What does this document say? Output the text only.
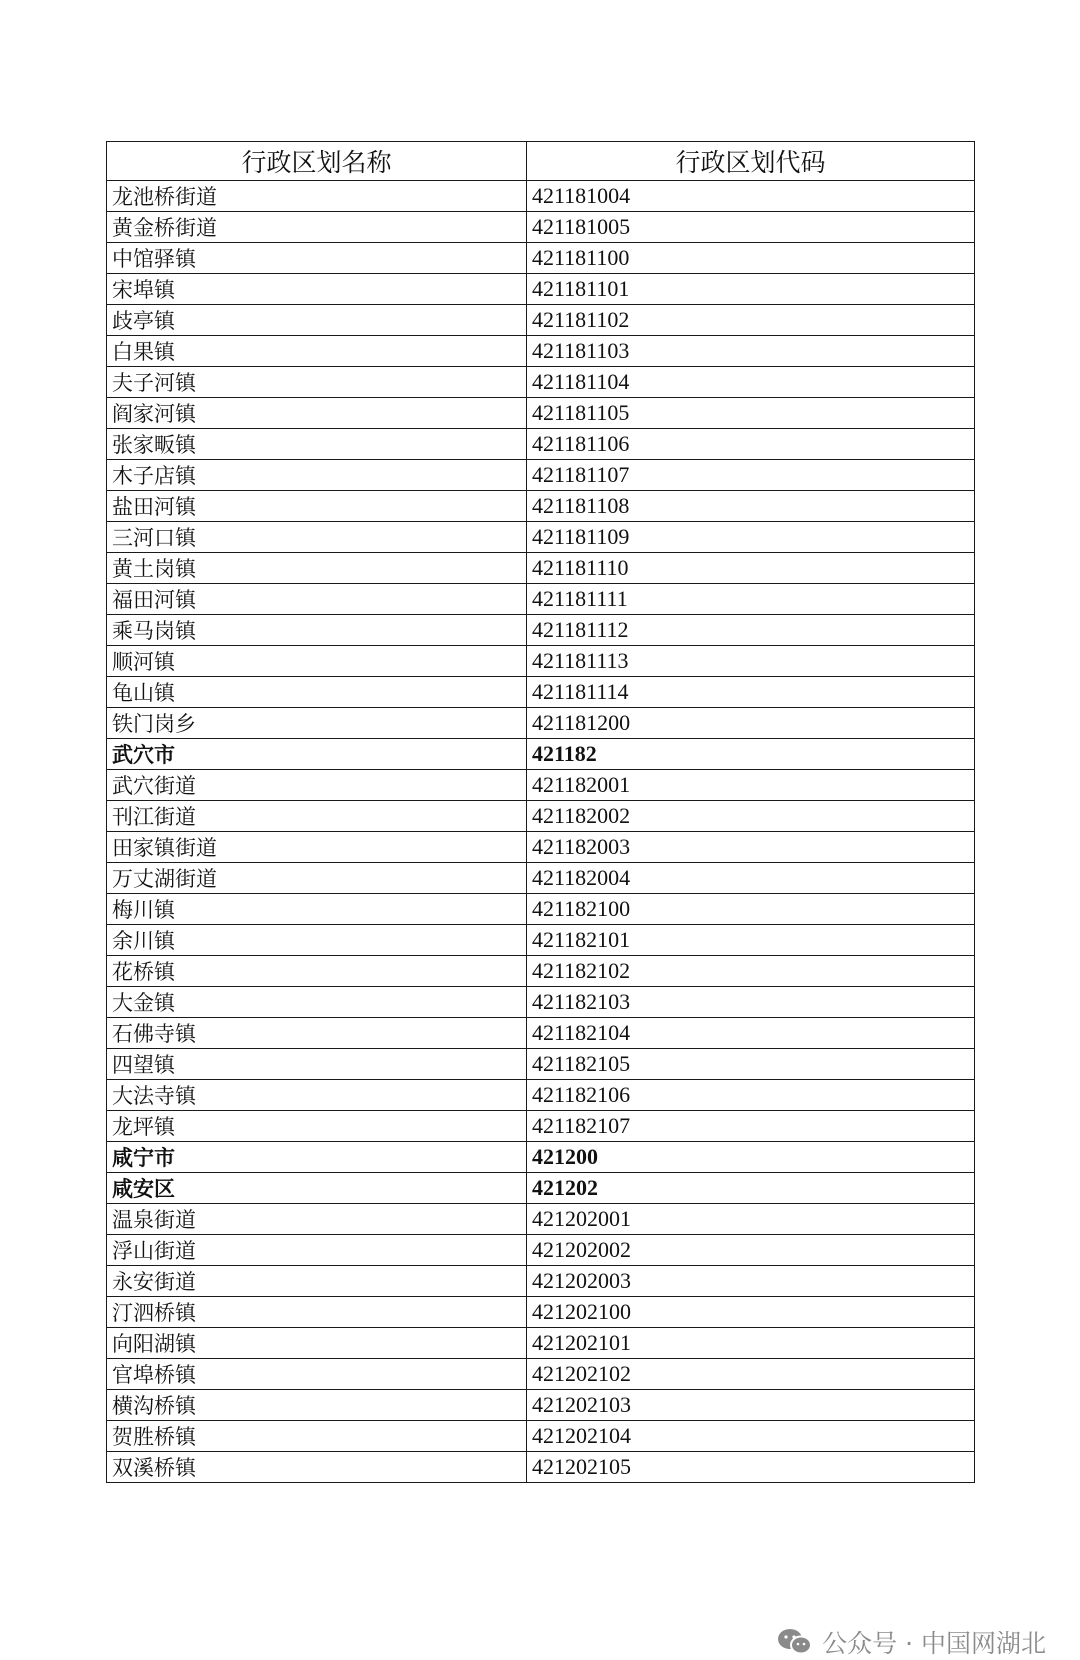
行政区划名称	行政区划代码
龙池桥街道	421181004
黄金桥街道	421181005
中馆驿镇	421181100
宋埠镇	421181101
歧亭镇	421181102
白果镇	421181103
夫子河镇	421181104
阎家河镇	421181105
张家畈镇	421181106
木子店镇	421181107
盐田河镇	421181108
三河口镇	421181109
黄土岗镇	421181110
福田河镇	421181111
乘马岗镇	421181112
顺河镇	421181113
龟山镇	421181114
铁门岗乡	421181200
武穴市	421182
武穴街道	421182001
刊江街道	421182002
田家镇街道	421182003
万丈湖街道	421182004
梅川镇	421182100
余川镇	421182101
花桥镇	421182102
大金镇	421182103
石佛寺镇	421182104
四望镇	421182105
大法寺镇	421182106
龙坪镇	421182107
咸宁市	421200
咸安区	421202
温泉街道	421202001
浮山街道	421202002
永安街道	421202003
汀泗桥镇	421202100
向阳湖镇	421202101
官埠桥镇	421202102
横沟桥镇	421202103
贺胜桥镇	421202104
双溪桥镇	421202105
公众号 · 中国网湖北
